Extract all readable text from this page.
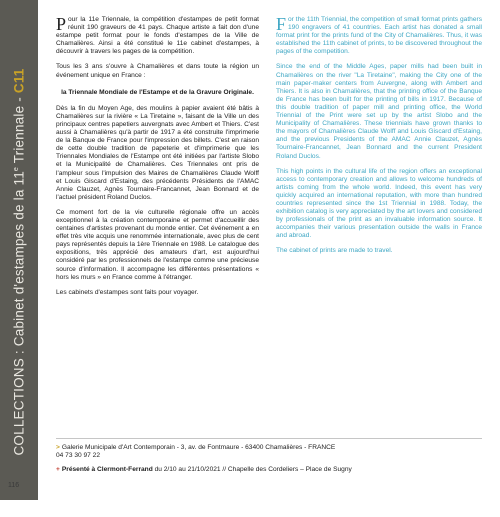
COLLECTIONS : Cabinet d'estampes de la 11e Triennale - C11
116

Pour la 11e Triennale, la compétition d'estampes de petit format réunit 190 graveurs de 41 pays. Chaque artiste a fait don d'une estampe petit format pour le fonds d'estampes de la Ville de Chamalières. Ainsi a été constitué le 11e cabinet d'estampes, à découvrir à travers les pages de la compétition.

Tous les 3 ans s'ouvre à Chamalières et dans toute la région un événement unique en France :

la Triennale Mondiale de l'Estampe et de la Gravure Originale.

Dès la fin du Moyen Age, des moulins à papier avaient été bâtis à Chamalières sur la rivière « La Tiretaine », faisant de la Ville un des principaux centres papetiers auvergnats avec Ambert et Thiers. C'est aussi à Chamalières qu'à partir de 1917 a été construite l'imprimerie de la Banque de France pour l'impression des billets. C'est en raison de cette double tradition de papeterie et d'imprimerie que les Triennales Mondiales de l'Estampe ont été initiées par l'artiste Slobo et la Municipalité de Chamalières. Ces Triennales ont pris de l'ampleur sous l'impulsion des Maires de Chamalières Claude Wolff et Louis Giscard d'Estaing, des précédents Présidents de l'AMAC Annie Clauzet, Agnès Tournaire-Francannet, Jean Bonnard et de l'actuel président Roland Duclos.

Ce moment fort de la vie culturelle régionale offre un accès exceptionnel à la création contemporaine et permet d'accueillir des centaines d'artistes provenant du monde entier. Cet événement a en effet très vite acquis une renommée internationale, avec plus de cent pays représentés depuis la 1ère Triennale en 1988. Le catalogue des expositions, très apprécié des amateurs d'art, est aujourd'hui considéré par les professionnels de l'estampe comme une précieuse source d'information. Il accompagne les différentes présentations « hors les murs » en France comme à l'étranger.

Les cabinets d'estampes sont faits pour voyager.

For the 11th Triennial, the competition of small format prints gathers 190 engravers of 41 countries. Each artist has donated a small format print for the prints fund of the City of Chamalières. Thus, it was established the 11th cabinet of prints, to be discovered throughout the pages of the competition.

Since the end of the Middle Ages, paper mills had been built in Chamalières on the river "La Tiretaine", making the City one of the main paper-maker centers from Auvergne, along with Ambert and Thiers. It is also in Chamalières, that the printing office of the Banque de France has been built for the printing of bills in 1917. Because of this double tradition of paper mill and printing office, the World Triennial of the Print were set up by the artist Slobo and the Municipality of Chamalières. These triennials have grown thanks to the mayors of Chamalières Claude Wolff and Louis Giscard d'Estaing, and the previous Presidents of the AMAC Annie Clauzet, Agnès Tournaire-Francannet, Jean Bonnard and the current President Roland Duclos.

This high points in the cultural life of the region offers an exceptional access to contemporary creation and allows to welcome hundreds of artists coming from the whole world. Indeed, this event has very quickly acquired an international reputation, with more than hundred countries represented since the 1st Triennial in 1988. Today, the exhibition catalog is very appreciated by the art lovers and considered by professionals of the print as an invaluable information source. It accompanies their various presentation outside the walls in France and abroad.

The cabinet of prints are made to travel.

> Galerie Municipale d'Art Contemporain - 3, av. de Fontmaure - 63400 Chamalières - FRANCE
04 73 30 97 22
+ Présenté à Clermont-Ferrand du 2/10 au 21/10/2021 // Chapelle des Cordeliers – Place de Sugny
